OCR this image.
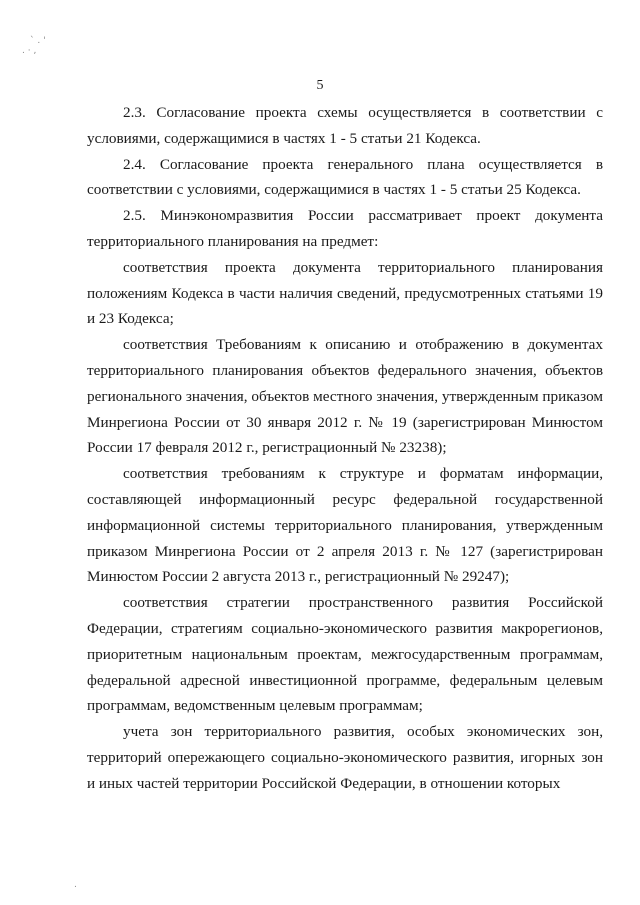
` . '
. · ,
.
5

2.3. Согласование проекта схемы осуществляется в соответствии с условиями, содержащимися в частях 1 - 5 статьи 21 Кодекса.

2.4. Согласование проекта генерального плана осуществляется в соответствии с условиями, содержащимися в частях 1 - 5 статьи 25 Кодекса.

2.5. Минэкономразвития России рассматривает проект документа территориального планирования на предмет:

соответствия проекта документа территориального планирования положениям Кодекса в части наличия сведений, предусмотренных статьями 19 и 23 Кодекса;

соответствия Требованиям к описанию и отображению в документах территориального планирования объектов федерального значения, объектов регионального значения, объектов местного значения, утвержденным приказом Минрегиона России от 30 января 2012 г. № 19 (зарегистрирован Минюстом России 17 февраля 2012 г., регистрационный № 23238);

соответствия требованиям к структуре и форматам информации, составляющей информационный ресурс федеральной государственной информационной системы территориального планирования, утвержденным приказом Минрегиона России от 2 апреля 2013 г. № 127 (зарегистрирован Минюстом России 2 августа 2013 г., регистрационный № 29247);

соответствия стратегии пространственного развития Российской Федерации, стратегиям социально-экономического развития макрорегионов, приоритетным национальным проектам, межгосударственным программам, федеральной адресной инвестиционной программе, федеральным целевым программам, ведомственным целевым программам;

учета зон территориального развития, особых экономических зон, территорий опережающего социально-экономического развития, игорных зон и иных частей территории Российской Федерации, в отношении которых
